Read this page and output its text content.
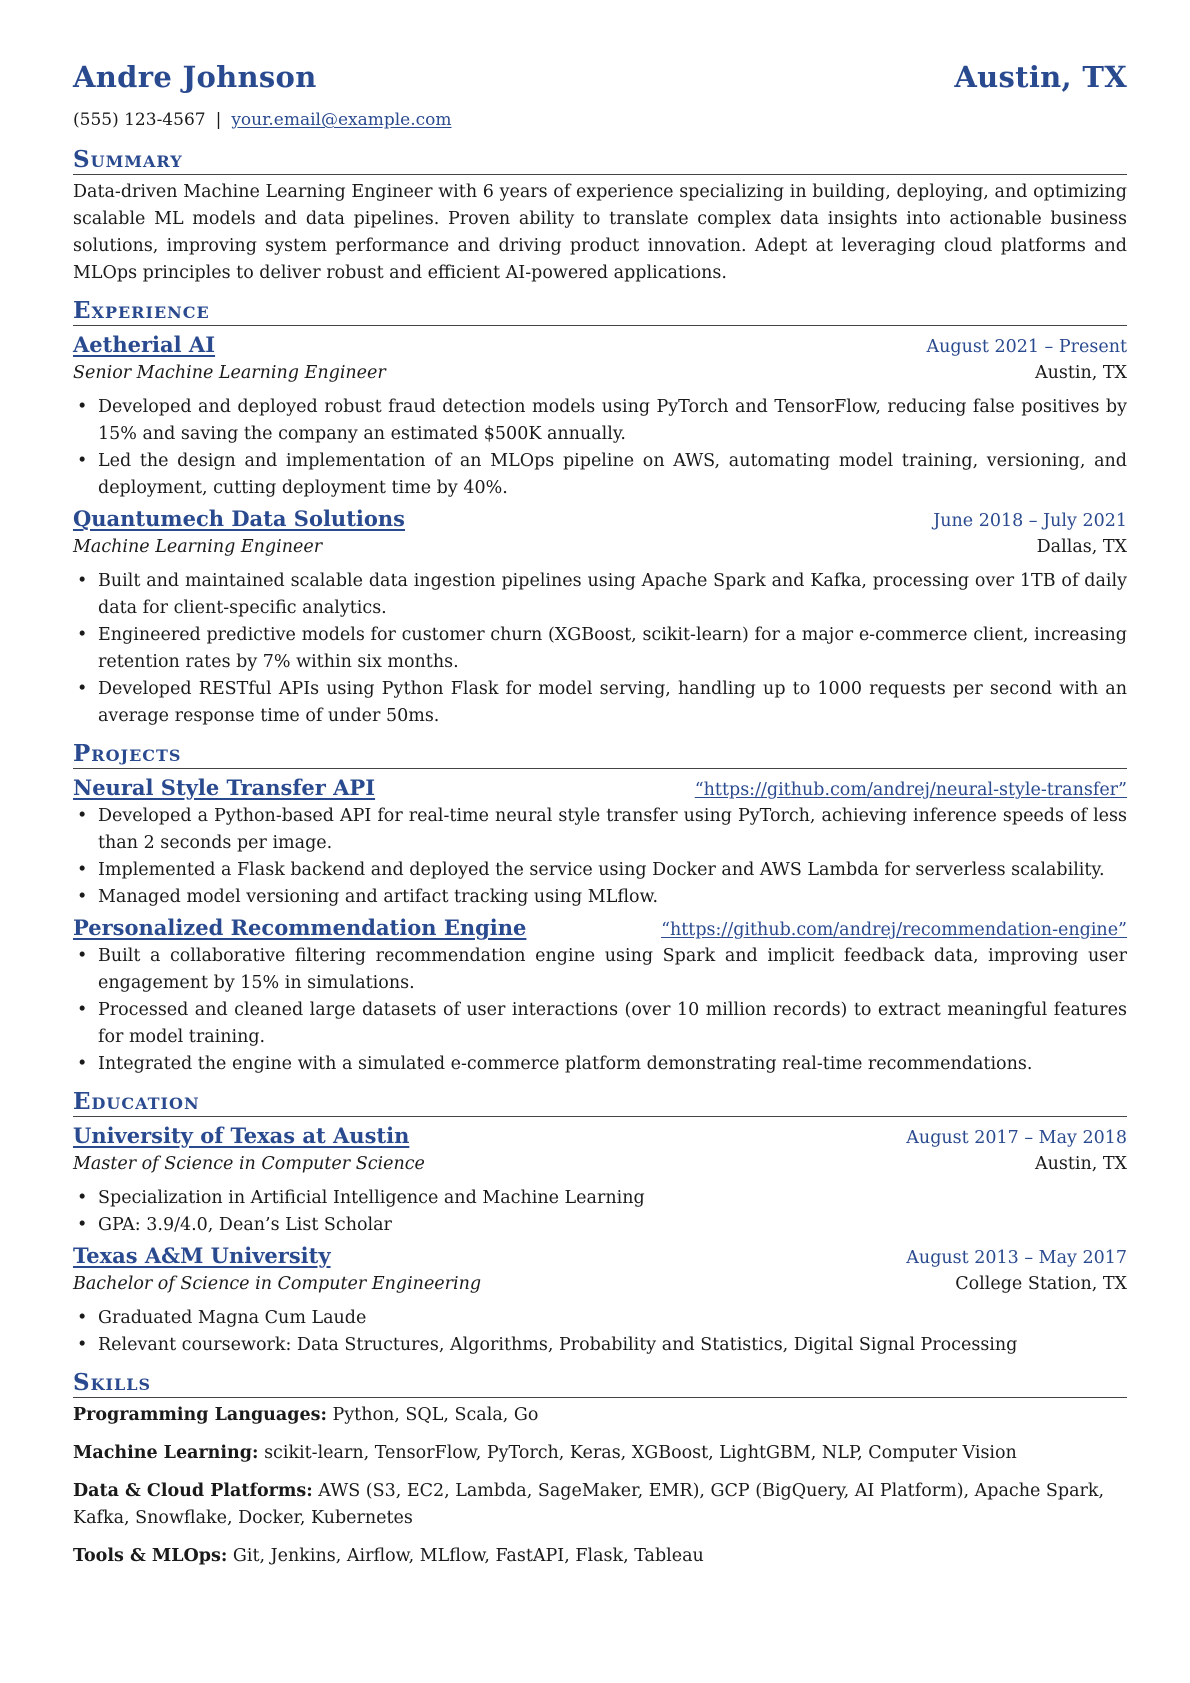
Andre Johnson	Austin, TX
(555) 123-4567 | your.email@example.com
Summary

Data-driven Machine Learning Engineer with 6 years of experience specializing in building, deploying, and optimizing scalable ML models and data pipelines. Proven ability to translate complex data insights into actionable business solutions, improving system performance and driving product innovation. Adept at leveraging cloud platforms and MLOps principles to deliver robust and efficient AI-powered applications.

Experience
Aetherial AI	August 2021 – Present
Senior Machine Learning Engineer	Austin, TX
• Developed and deployed robust fraud detection models using PyTorch and TensorFlow, reducing false positives by 15% and saving the company an estimated $500K annually.
• Led the design and implementation of an MLOps pipeline on AWS, automating model training, versioning, and deployment, cutting deployment time by 40%.
Quantumech Data Solutions	June 2018 – July 2021
Machine Learning Engineer	Dallas, TX
• Built and maintained scalable data ingestion pipelines using Apache Spark and Kafka, processing over 1TB of daily data for client-specific analytics.
• Engineered predictive models for customer churn (XGBoost, scikit-learn) for a major e-commerce client, increasing retention rates by 7% within six months.
• Developed RESTful APIs using Python Flask for model serving, handling up to 1000 requests per second with an average response time of under 50ms.
Projects
Neural Style Transfer API	“https://github.com/andrej/neural-style-transfer”
• Developed a Python-based API for real-time neural style transfer using PyTorch, achieving inference speeds of less than 2 seconds per image.
• Implemented a Flask backend and deployed the service using Docker and AWS Lambda for serverless scalability.
• Managed model versioning and artifact tracking using MLflow.
Personalized Recommendation Engine	“https://github.com/andrej/recommendation-engine”
• Built a collaborative filtering recommendation engine using Spark and implicit feedback data, improving user engagement by 15% in simulations.
• Processed and cleaned large datasets of user interactions (over 10 million records) to extract meaningful features for model training.
• Integrated the engine with a simulated e-commerce platform demonstrating real-time recommendations.
Education
University of Texas at Austin	August 2017 – May 2018
Master of Science in Computer Science	Austin, TX
• Specialization in Artificial Intelligence and Machine Learning
• GPA: 3.9/4.0, Dean’s List Scholar
Texas A&M University	August 2013 – May 2017
Bachelor of Science in Computer Engineering	College Station, TX
• Graduated Magna Cum Laude
• Relevant coursework: Data Structures, Algorithms, Probability and Statistics, Digital Signal Processing
Skills

Programming Languages: Python, SQL, Scala, Go

Machine Learning: scikit-learn, TensorFlow, PyTorch, Keras, XGBoost, LightGBM, NLP, Computer Vision

Data & Cloud Platforms: AWS (S3, EC2, Lambda, SageMaker, EMR), GCP (BigQuery, AI Platform), Apache Spark, Kafka, Snowflake, Docker, Kubernetes

Tools & MLOps: Git, Jenkins, Airflow, MLflow, FastAPI, Flask, Tableau
